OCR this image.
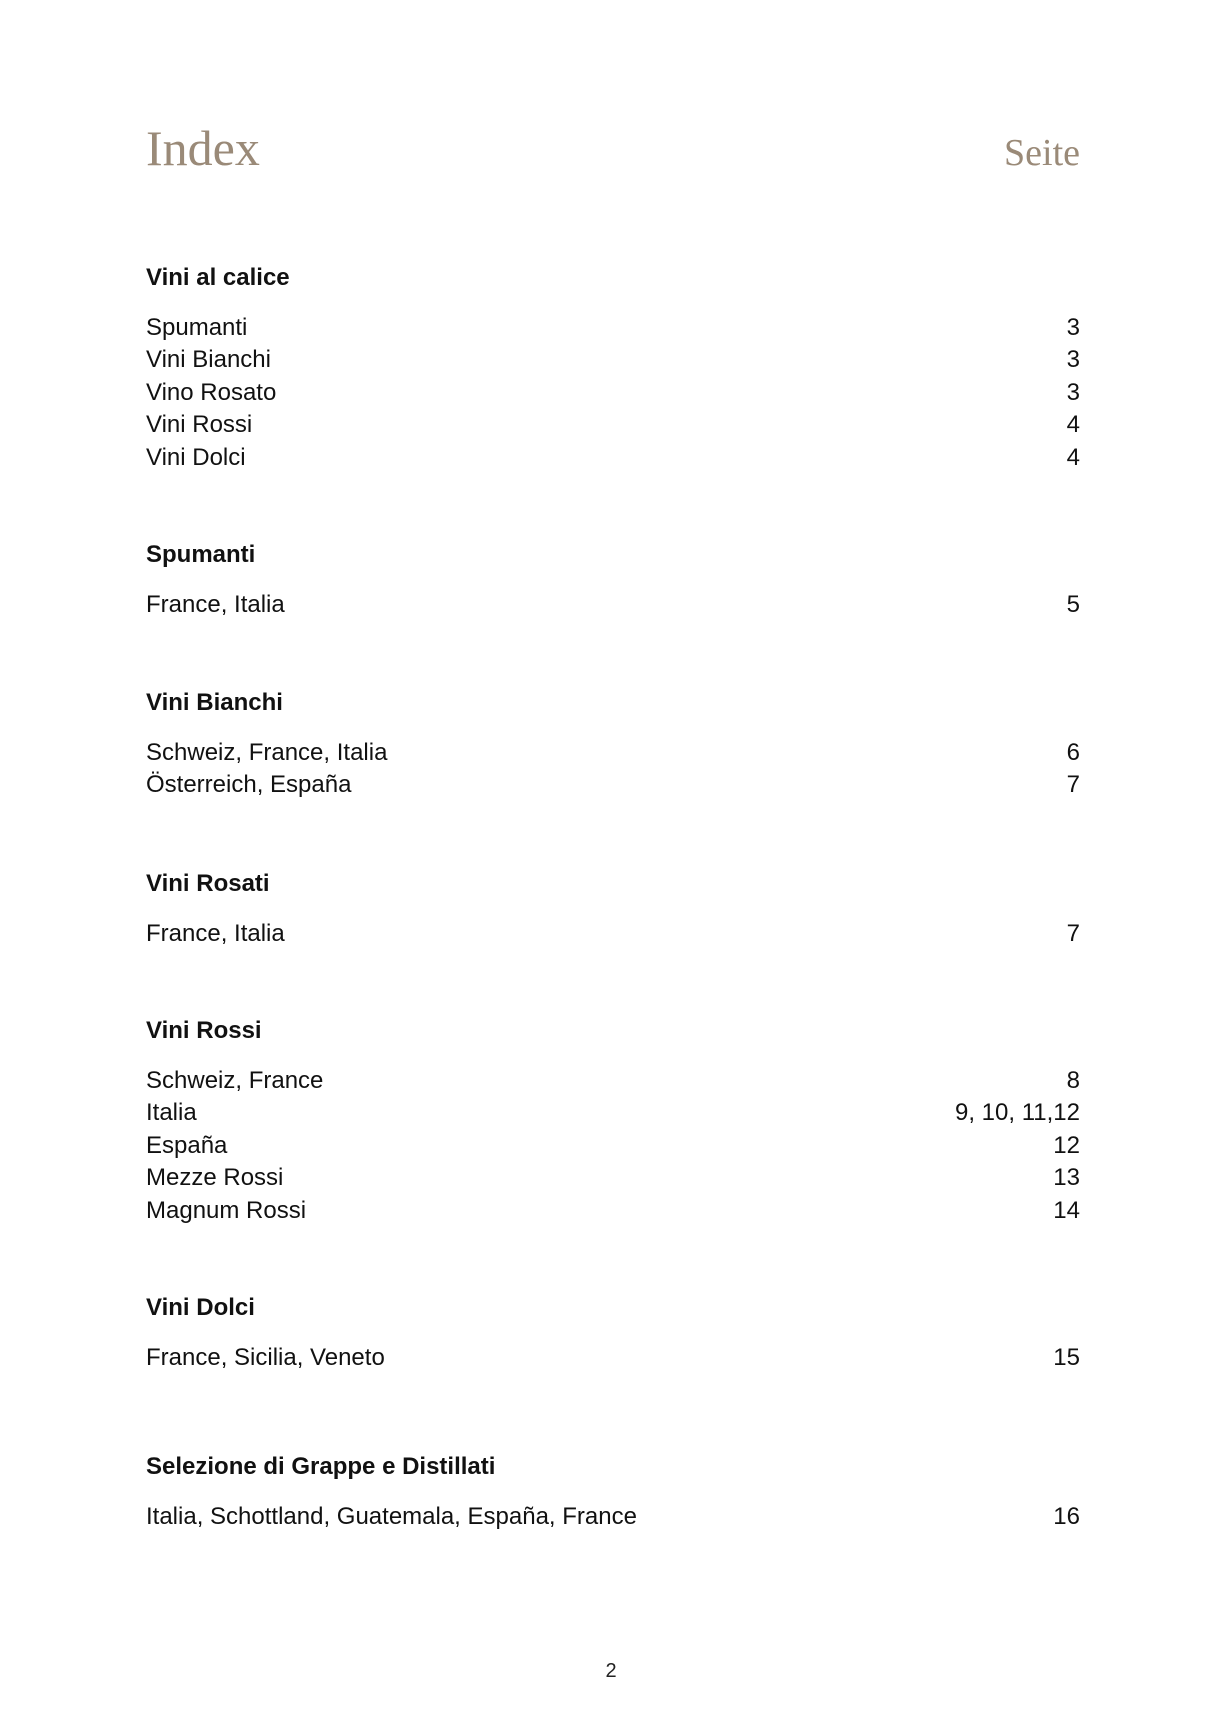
Index	Seite
Vini al calice
Spumanti	3
Vini Bianchi	3
Vino Rosato	3
Vini Rossi	4
Vini Dolci	4
Spumanti
France, Italia	5
Vini Bianchi
Schweiz, France, Italia	6
Österreich, España	7
Vini Rosati
France, Italia	7
Vini Rossi
Schweiz, France	8
Italia	9, 10, 11,12
España	12
Mezze Rossi	13
Magnum Rossi	14
Vini Dolci
France, Sicilia, Veneto	15
Selezione di Grappe e Distillati
Italia, Schottland, Guatemala, España, France	16
2
